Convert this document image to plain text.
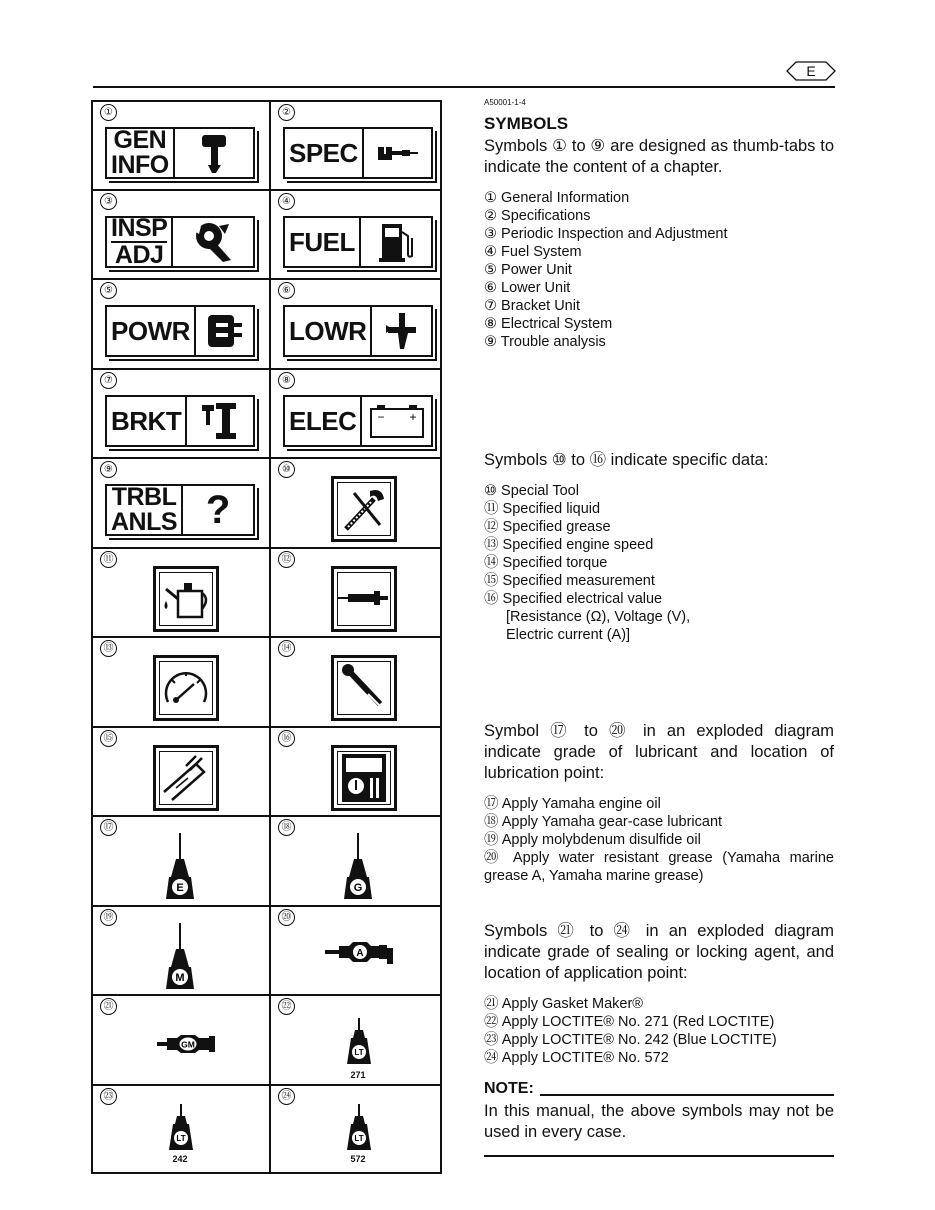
E
①
GEN
INFO
②
SPEC
③
INSP
ADJ
④
FUEL
⑤
POWR
⑥
LOWR
⑦
BRKT
⑧
ELEC − +
⑨
TRBL
ANLS ?
⑩
⑪	⑫
⑬	⑭
⑮	⑯
⑰
E
⑱
G
⑲
M
⑳
A
㉑
GM
㉒
LT
271
㉓
LT
242
㉔
LT
572
A50001-1-4
SYMBOLS
Symbols ① to ⑨ are designed as thumb-tabs to indicate the content of a chapter.
① General Information
② Specifications
③ Periodic Inspection and Adjustment
④ Fuel System
⑤ Power Unit
⑥ Lower Unit
⑦ Bracket Unit
⑧ Electrical System
⑨ Trouble analysis
Symbols ⑩ to ⑯ indicate specific data:
⑩ Special Tool
⑪ Specified liquid
⑫ Specified grease
⑬ Specified engine speed
⑭ Specified torque
⑮ Specified measurement
⑯ Specified electrical value
[Resistance (Ω), Voltage (V),
Electric current (A)]
Symbol ⑰ to ⑳ in an exploded diagram indicate grade of lubricant and location of lubrication point:
⑰ Apply Yamaha engine oil
⑱ Apply Yamaha gear-case lubricant
⑲ Apply molybdenum disulfide oil
⑳ Apply water resistant grease (Yamaha marine grease A, Yamaha marine grease)
Symbols ㉑ to ㉔ in an exploded diagram indicate grade of sealing or locking agent, and location of application point:
㉑ Apply Gasket Maker®
㉒ Apply LOCTITE® No. 271 (Red LOCTITE)
㉓ Apply LOCTITE® No. 242 (Blue LOCTITE)
㉔ Apply LOCTITE® No. 572
NOTE:
In this manual, the above symbols may not be used in every case.
